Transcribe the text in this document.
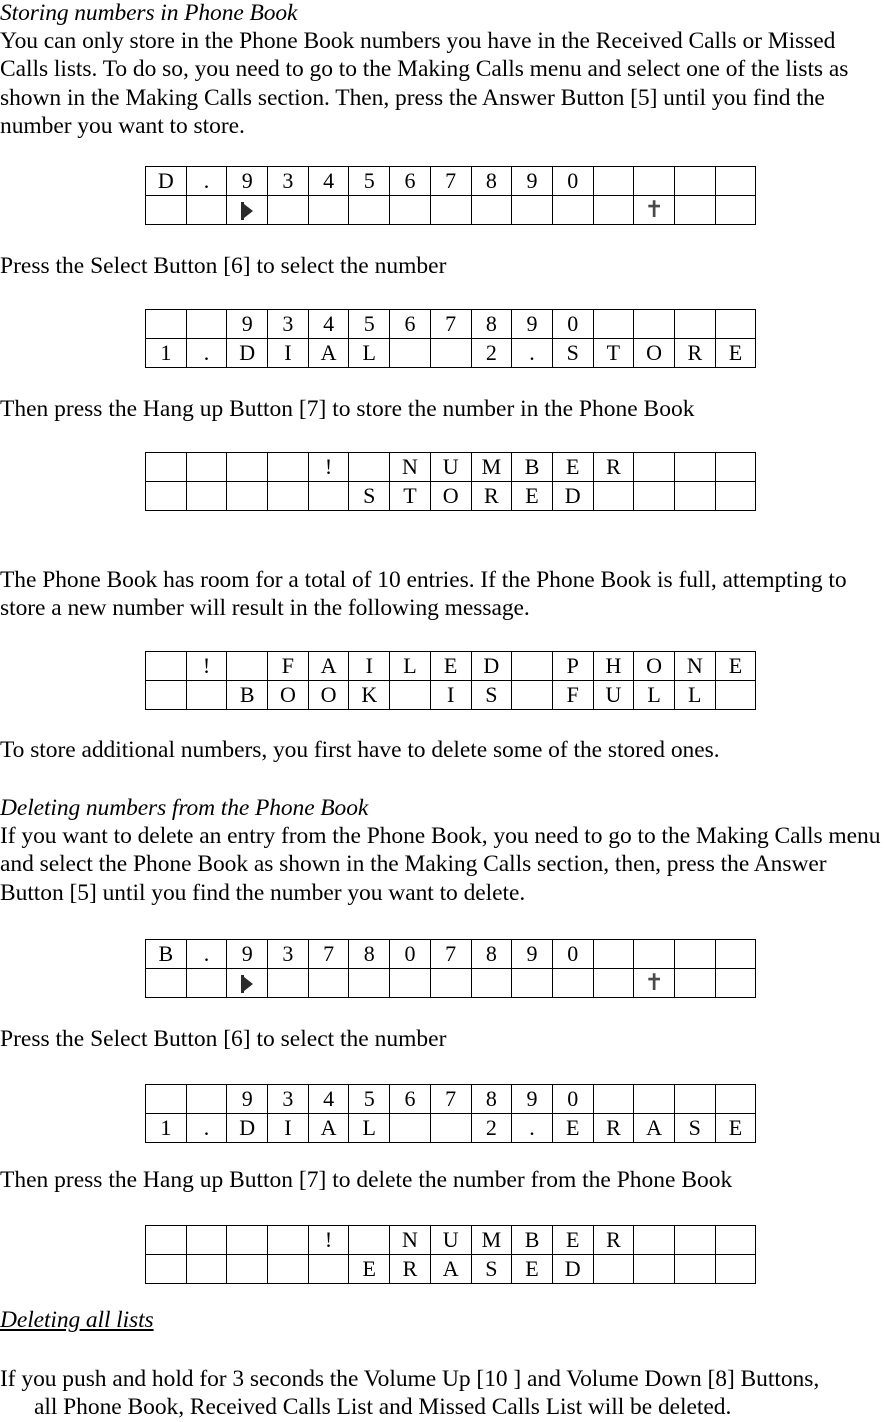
Storing numbers in Phone Book

You can only store in the Phone Book numbers you have in the Received Calls or Missed Calls lists. To do so, you need to go to the Making Calls menu and select one of the lists as shown in the Making Calls section. Then, press the Answer Button [5] until you find the number you want to store.

D	.	9	3	4	5	6	7	8	9	0				
												✝		

Press the Select Button [6] to select the number

		9	3	4	5	6	7	8	9	0				
1	.	D	I	A	L			2	.	S	T	O	R	E

Then press the Hang up Button [7] to store the number in the Phone Book

				!		N	U	M	B	E	R			
					S	T	O	R	E	D				

The Phone Book has room for a total of 10 entries. If the Phone Book is full, attempting to store a new number will result in the following message.

	!		F	A	I	L	E	D		P	H	O	N	E
		B	O	O	K		I	S		F	U	L	L	

To store additional numbers, you first have to delete some of the stored ones.

Deleting numbers from the Phone Book

If you want to delete an entry from the Phone Book, you need to go to the Making Calls menu and select the Phone Book as shown in the Making Calls section, then, press the Answer Button [5] until you find the number you want to delete.

B	.	9	3	7	8	0	7	8	9	0				
												✝		

Press the Select Button [6] to select the number

		9	3	4	5	6	7	8	9	0				
1	.	D	I	A	L			2	.	E	R	A	S	E

Then press the Hang up Button [7] to delete the number from the Phone Book

				!		N	U	M	B	E	R			
					E	R	A	S	E	D				
Deleting all lists

If you push and hold for 3 seconds the Volume Up [10 ] and Volume Down [8] Buttons,

all Phone Book, Received Calls List and Missed Calls List will be deleted.
